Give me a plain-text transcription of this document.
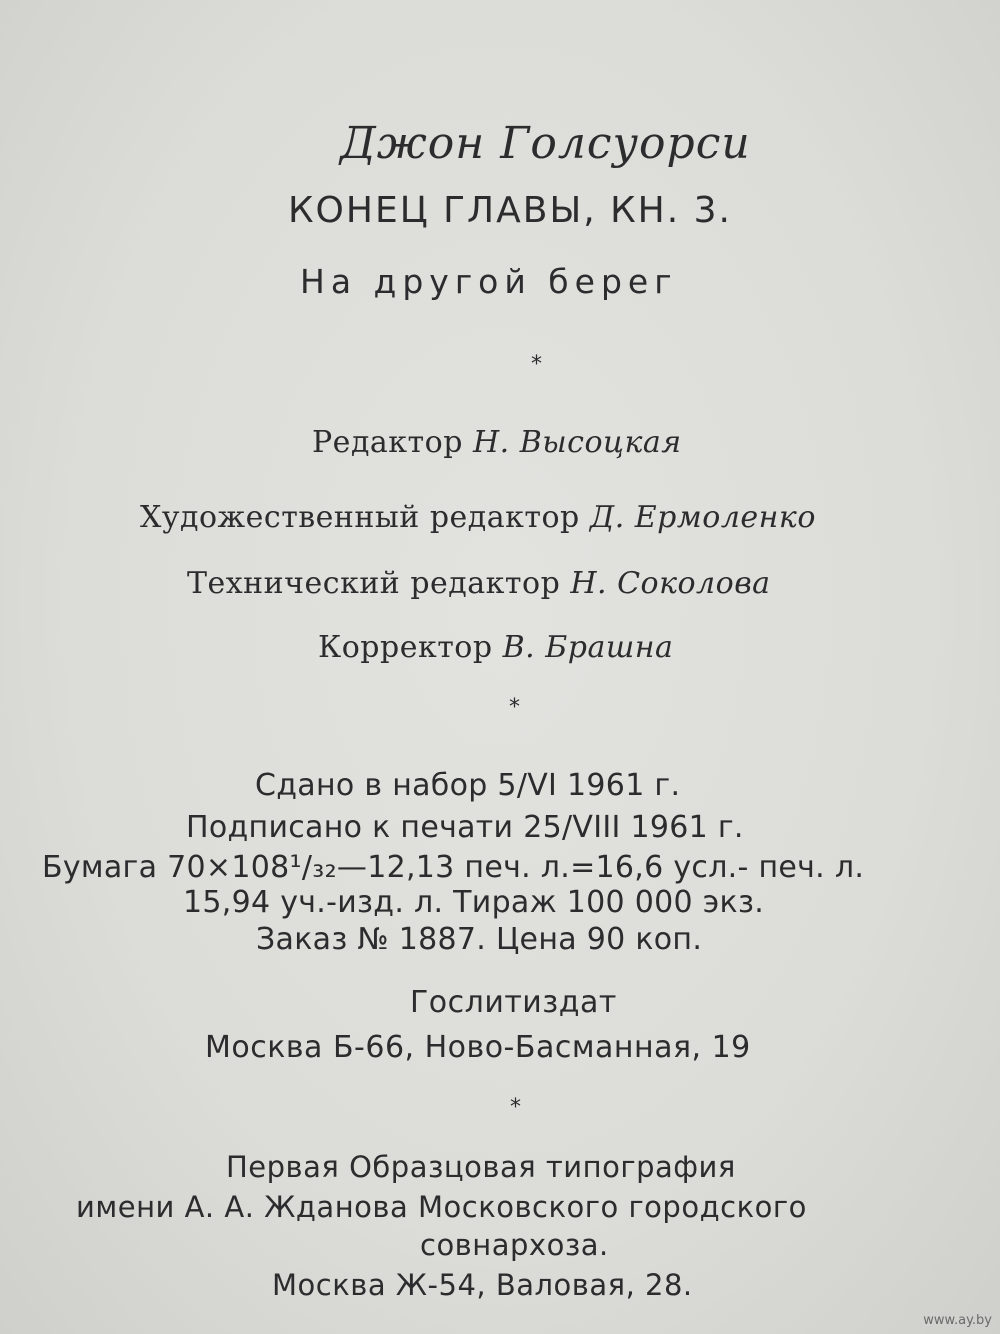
Джон Голсуорси
КОНЕЦ ГЛАВЫ, КН. 3.
На другой берег
*
Редактор Н. Высоцкая
Художественный редактор Д. Ермоленко
Технический редактор Н. Соколова
Корректор В. Брашна
*
Сдано в набор 5/VI 1961 г.
Подписано к печати 25/VIII 1961 г.
Бумага 70×108¹/₃₂—12,13 печ. л.=16,6 усл.- печ. л.
15,94 уч.-изд. л. Тираж 100 000 экз.
Заказ № 1887. Цена 90 коп.
Гослитиздат
Москва Б-66, Ново-Басманная, 19
*
Первая Образцовая типография
имени А. А. Жданова Московского городского
совнархоза.
Москва Ж-54, Валовая, 28.
www.ay.by
